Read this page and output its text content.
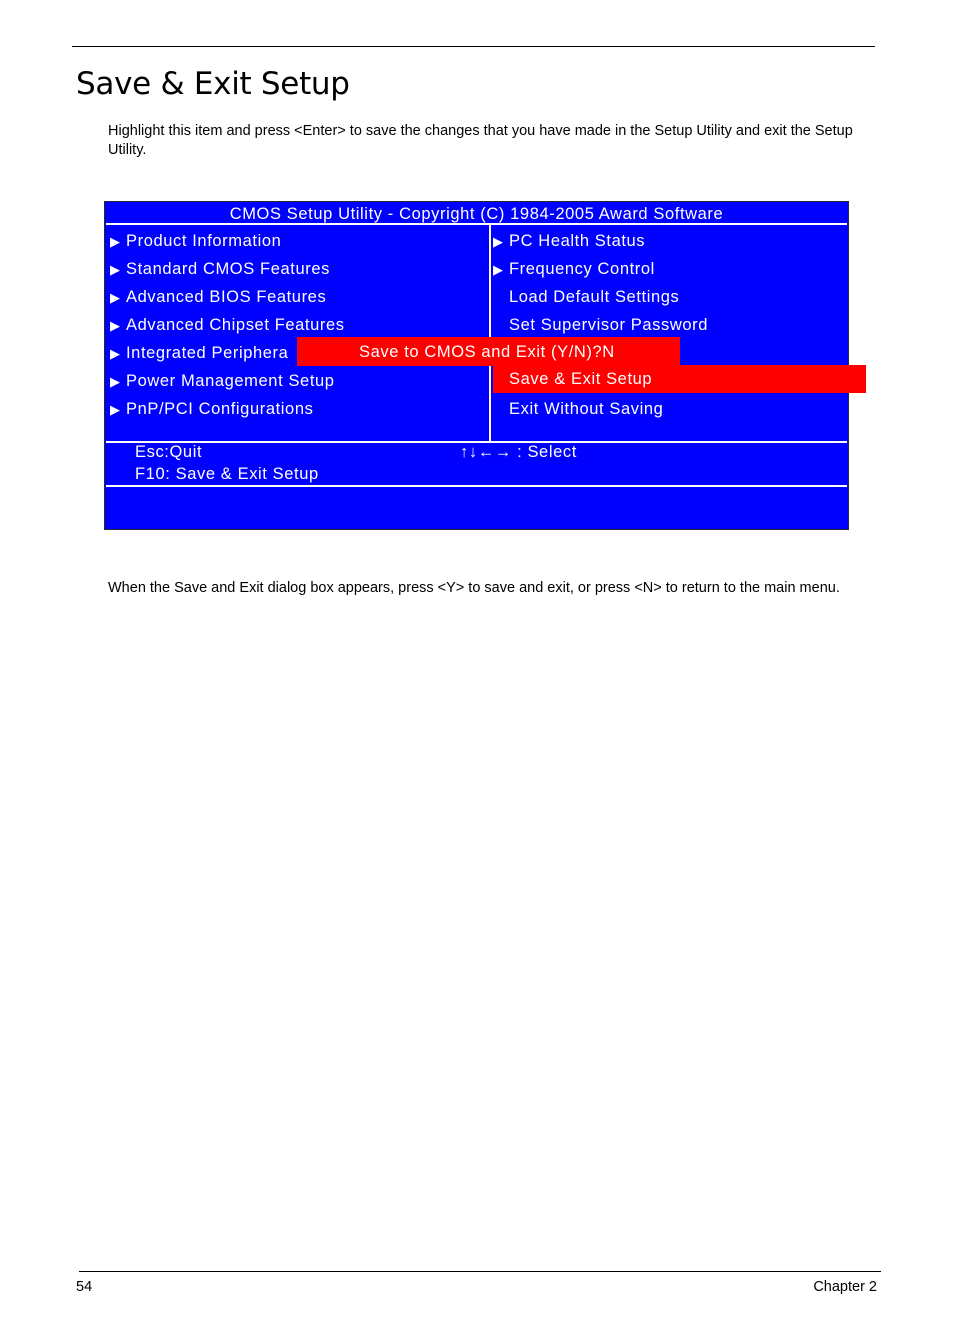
Save & Exit Setup

Highlight this item and press <Enter> to save the changes that you have made in the Setup Utility and exit the Setup Utility.

CMOS Setup Utility - Copyright (C) 1984-2005 Award Software
▶ Product Information
▶ Standard CMOS Features
▶ Advanced BIOS Features
▶ Advanced Chipset Features
▶ Integrated Periphera
▶ Power Management Setup
▶ PnP/PCI Configurations
▶ PC Health Status
▶ Frequency Control
Load Default Settings
Set Supervisor Password
Save & Exit Setup
Exit Without Saving
Save to CMOS and Exit (Y/N)?N
Esc:Quit	↑↓←→ : Select
F10: Save & Exit Setup

When the Save and Exit dialog box appears, press <Y> to save and exit, or press <N> to return to the main menu.

54	Chapter 2
